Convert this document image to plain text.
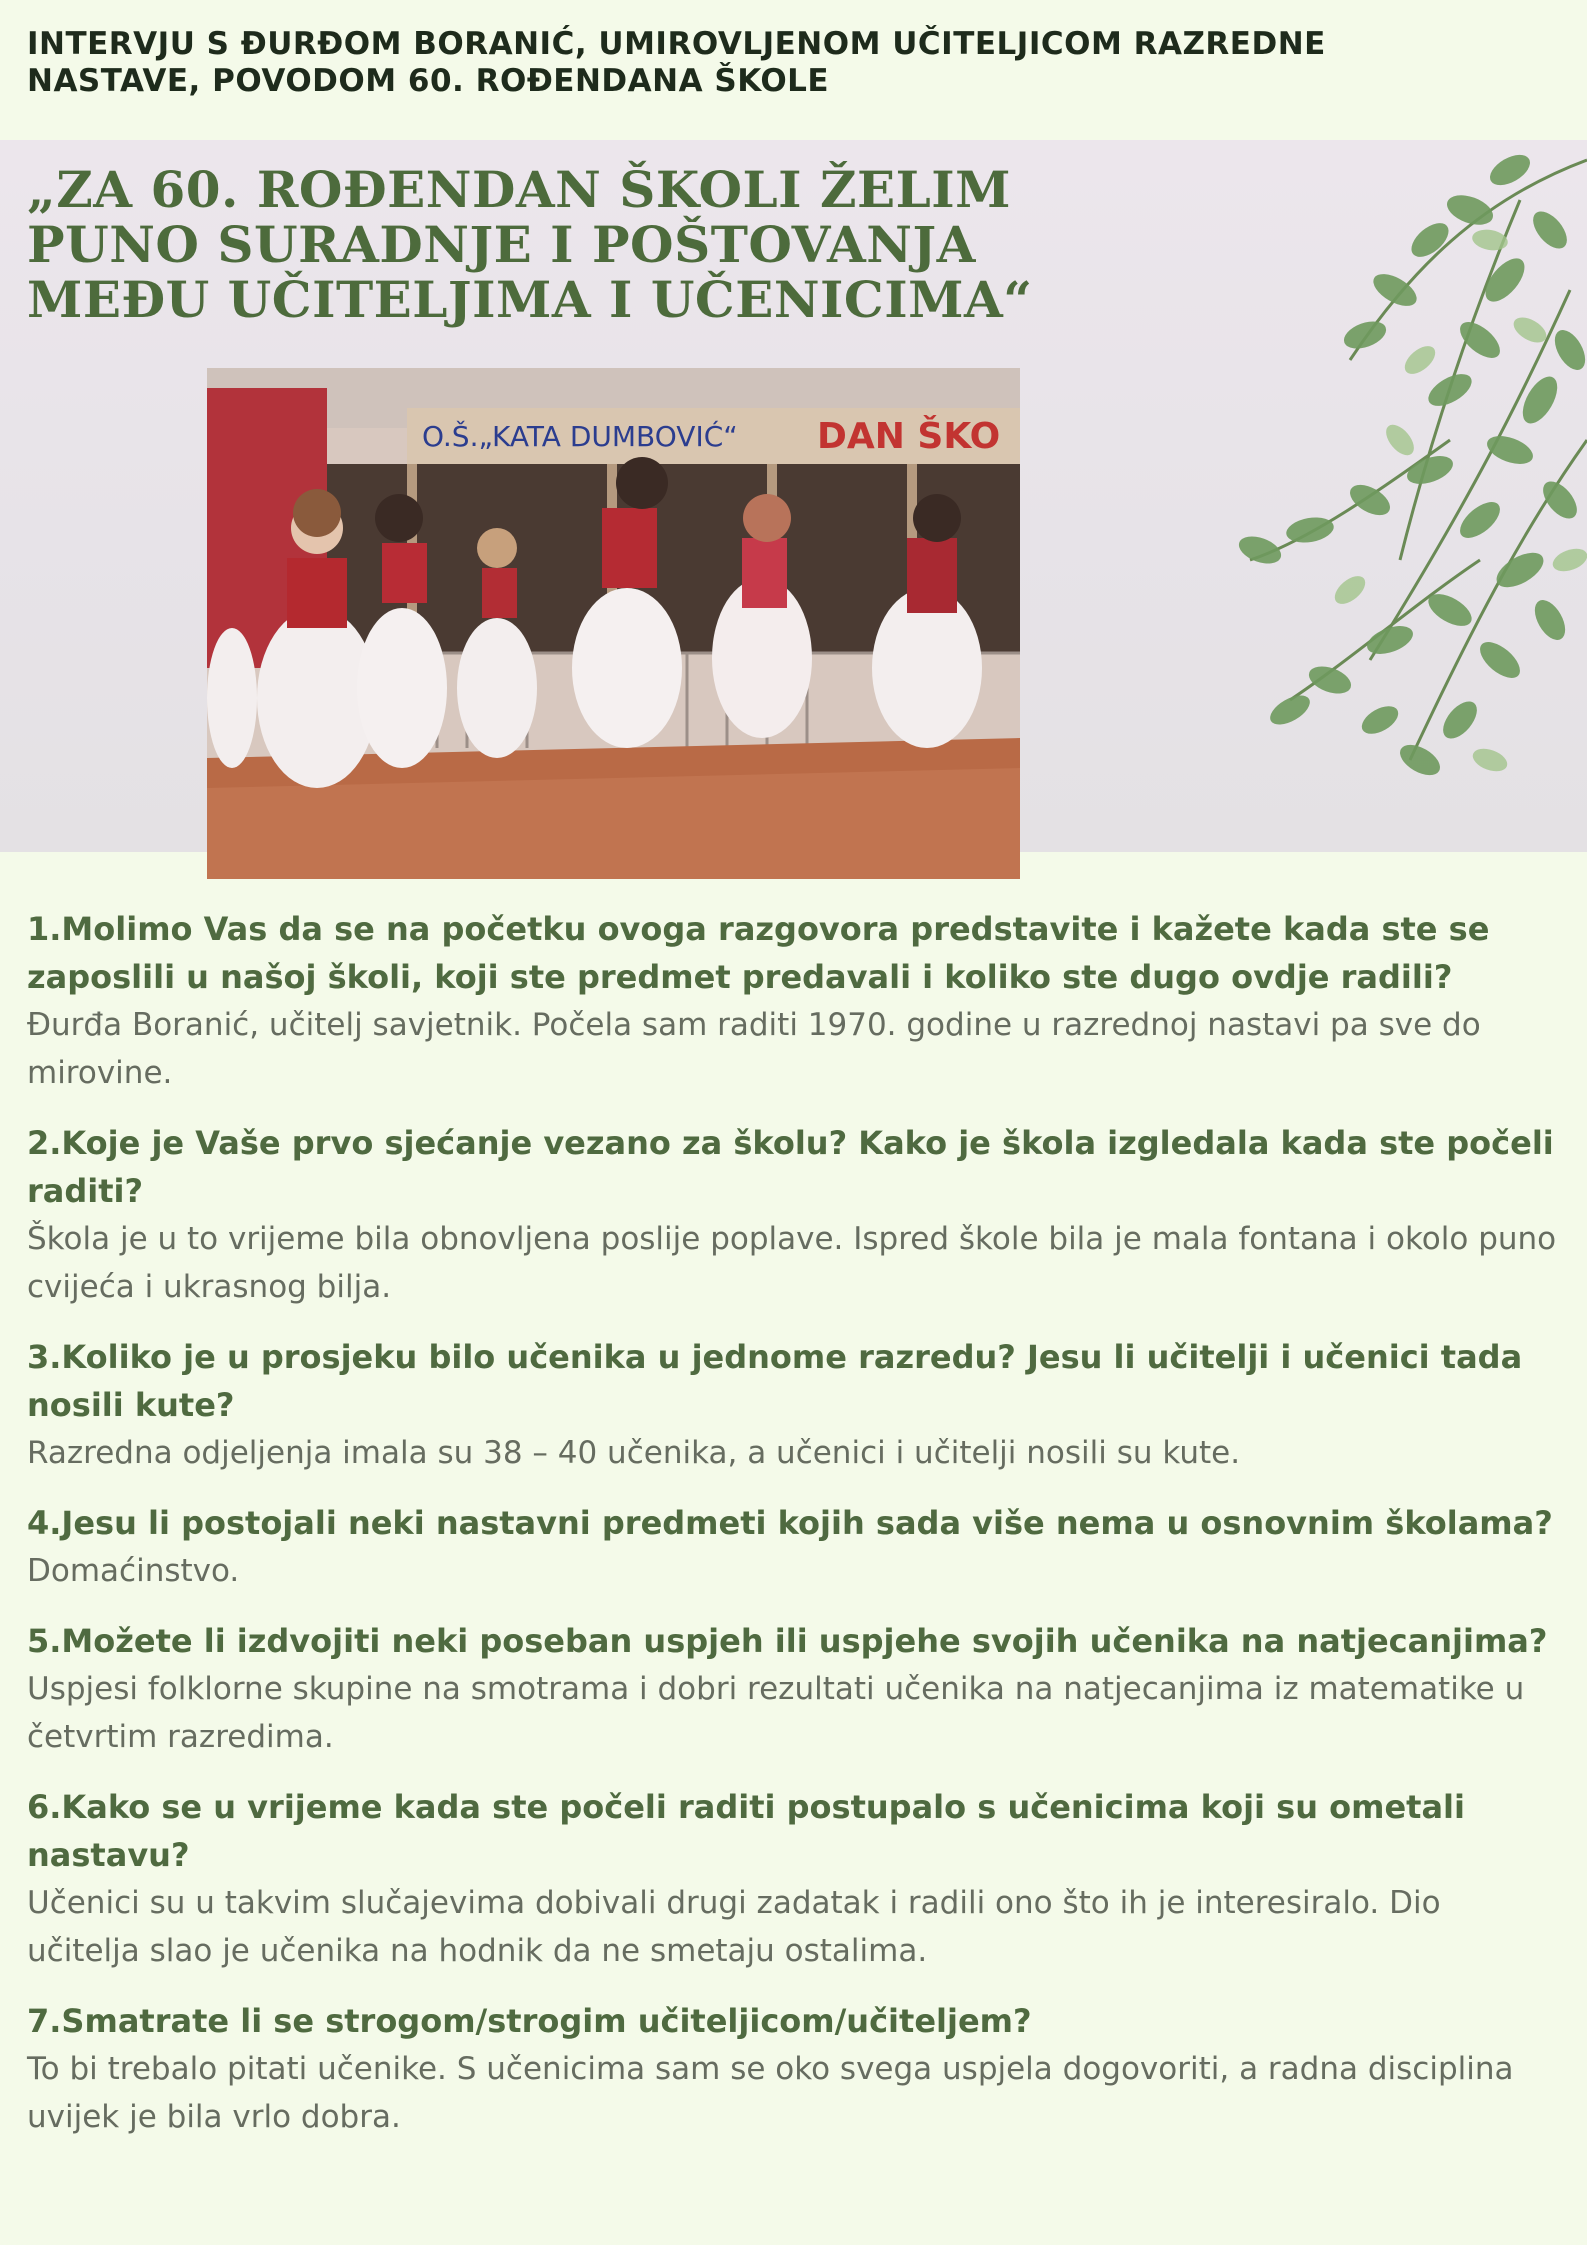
INTERVJU S ĐURĐOM BORANIĆ, UMIROVLJENOM UČITELJICOM RAZREDNE NASTAVE, POVODOM 60. ROĐENDANA ŠKOLE
„ZA 60. ROĐENDAN ŠKOLI ŽELIM PUNO SURADNJE I POŠTOVANJA MEĐU UČITELJIMA I UČENICIMA“
O.Š.„KATA DUMBOVIĆ“ DAN ŠKO

1.Molimo Vas da se na početku ovoga razgovora predstavite i kažete kada ste se zaposlili u našoj školi, koji ste predmet predavali i koliko ste dugo ovdje radili?

Đurđa Boranić, učitelj savjetnik. Počela sam raditi 1970. godine u razrednoj nastavi pa sve do mirovine.

2.Koje je Vaše prvo sjećanje vezano za školu? Kako je škola izgledala kada ste počeli raditi?

Škola je u to vrijeme bila obnovljena poslije poplave. Ispred škole bila je mala fontana i okolo puno cvijeća i ukrasnog bilja.

3.Koliko je u prosjeku bilo učenika u jednome razredu? Jesu li učitelji i učenici tada nosili kute?

Razredna odjeljenja imala su 38 – 40 učenika, a učenici i učitelji nosili su kute.

4.Jesu li postojali neki nastavni predmeti kojih sada više nema u osnovnim školama?

Domaćinstvo.

5.Možete li izdvojiti neki poseban uspjeh ili uspjehe svojih učenika na natjecanjima?

Uspjesi folklorne skupine na smotrama i dobri rezultati učenika na natjecanjima iz matematike u četvrtim razredima.

6.Kako se u vrijeme kada ste počeli raditi postupalo s učenicima koji su ometali nastavu?

Učenici su u takvim slučajevima dobivali drugi zadatak i radili ono što ih je interesiralo. Dio učitelja slao je učenika na hodnik da ne smetaju ostalima.

7.Smatrate li se strogom/strogim učiteljicom/učiteljem?

To bi trebalo pitati učenike. S učenicima sam se oko svega uspjela dogovoriti, a radna disciplina uvijek je bila vrlo dobra.
